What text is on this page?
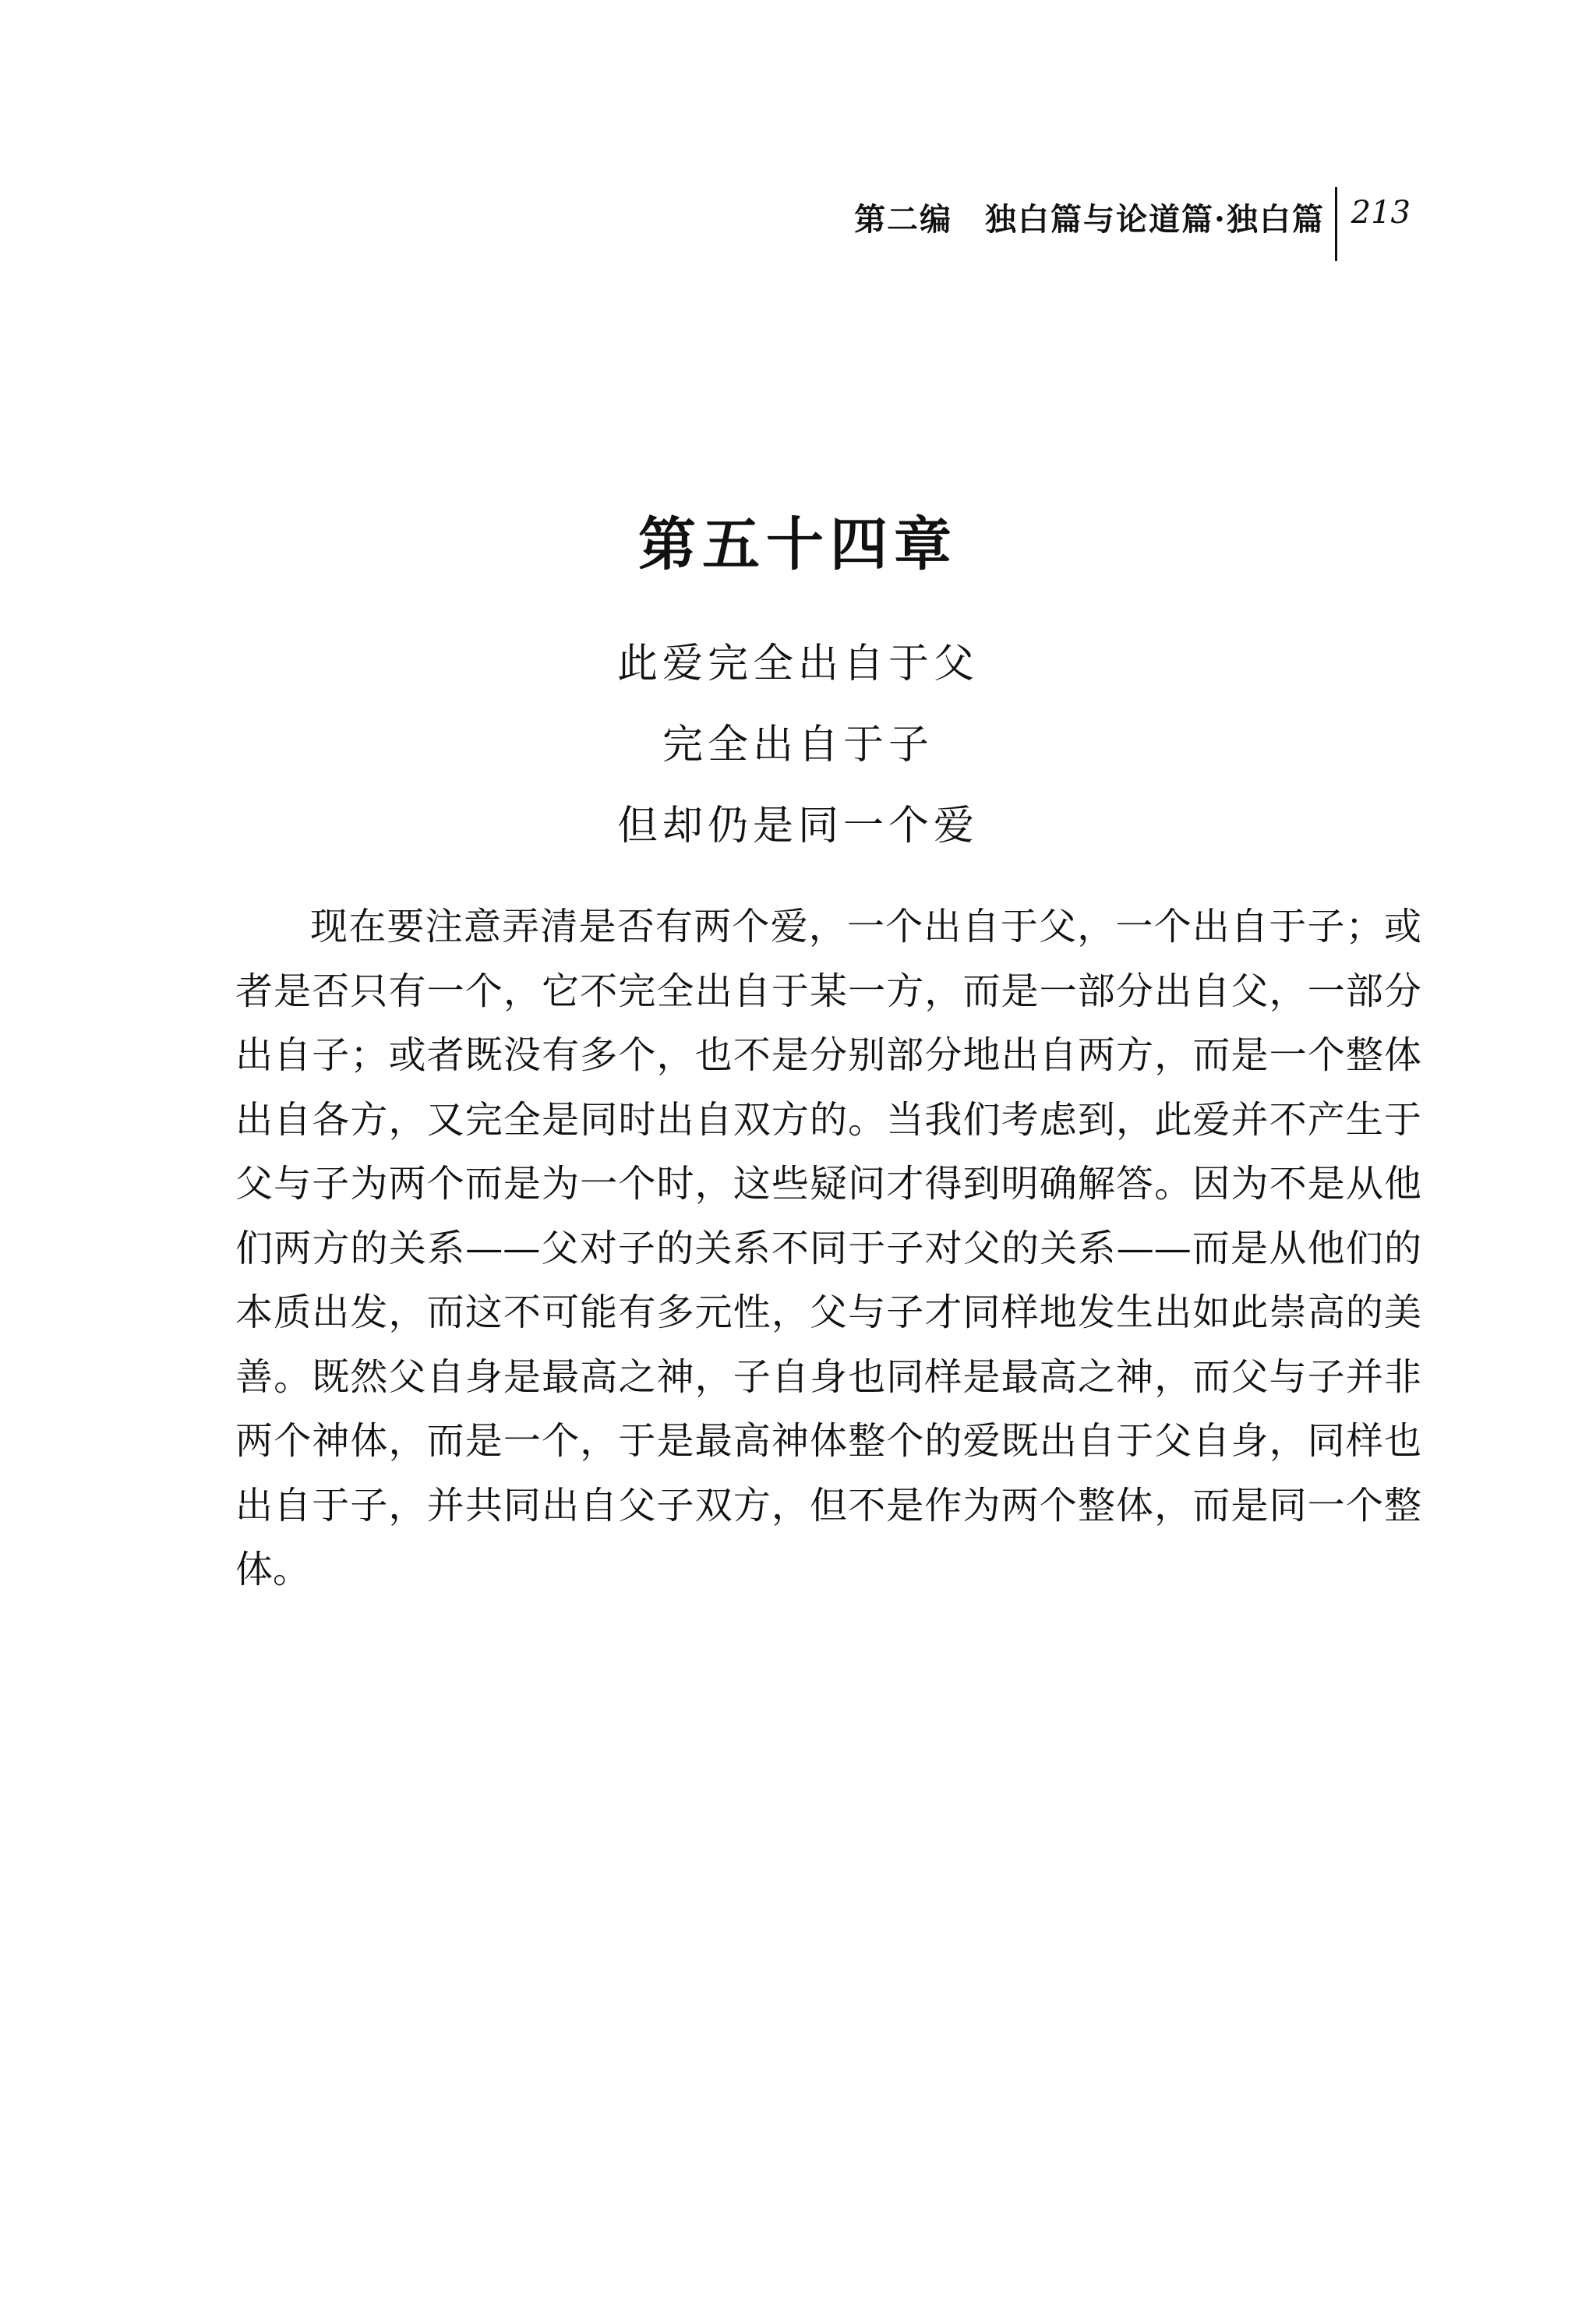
第二编　独白篇与论道篇·独白篇 213
第五十四章
此爱完全出自于父
完全出自于子
但却仍是同一个爱

现在要注意弄清是否有两个爱，一个出自于父，一个出自于子；或者是否只有一个，它不完全出自于某一方，而是一部分出自父，一部分出自子；或者既没有多个，也不是分别部分地出自两方，而是一个整体出自各方，又完全是同时出自双方的。当我们考虑到，此爱并不产生于父与子为两个而是为一个时，这些疑问才得到明确解答。因为不是从他们两方的关系——父对子的关系不同于子对父的关系——而是从他们的本质出发，而这不可能有多元性，父与子才同样地发生出如此崇高的美善。既然父自身是最高之神，子自身也同样是最高之神，而父与子并非两个神体，而是一个，于是最高神体整个的爱既出自于父自身，同样也出自于子，并共同出自父子双方，但不是作为两个整体，而是同一个整体。
